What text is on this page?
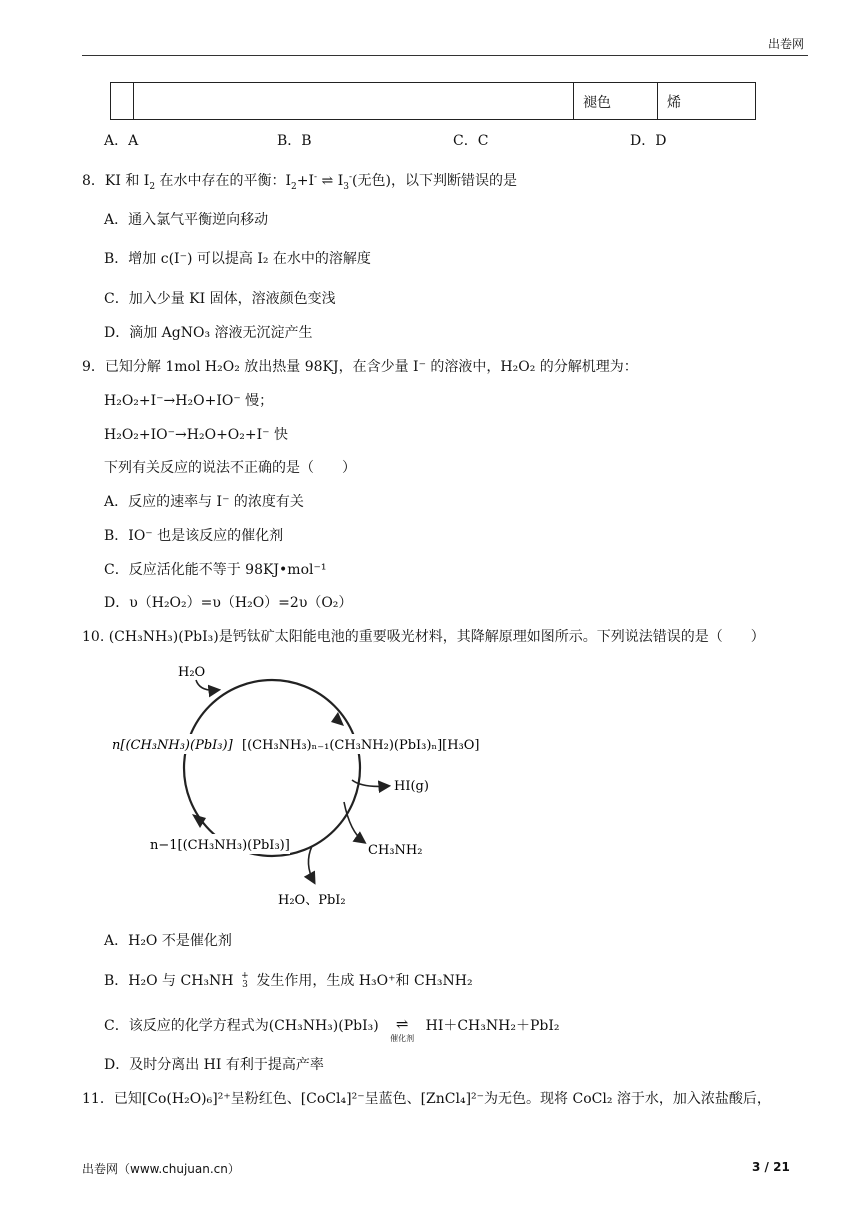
出卷网
褪色	烯
A．A	B．B	C．C	D．D
8．KI 和 $I_2$ 在水中存在的平衡：$I_2+I^-$ ⇌ $I_3^-$(无色)，以下判断错误的是
A．通入氯气平衡逆向移动
B．增加 c(I⁻) 可以提高 I₂ 在水中的溶解度
C．加入少量 KI 固体，溶液颜色变浅
D．滴加 AgNO₃ 溶液无沉淀产生
9．已知分解 1mol H₂O₂ 放出热量 98KJ，在含少量 I⁻ 的溶液中，H₂O₂ 的分解机理为：
H₂O₂+I⁻→H₂O+IO⁻ 慢；
H₂O₂+IO⁻→H₂O+O₂+I⁻ 快
下列有关反应的说法不正确的是（　　）
A．反应的速率与 I⁻ 的浓度有关
B．IO⁻ 也是该反应的催化剂
C．反应活化能不等于 98KJ•mol⁻¹
D．υ（H₂O₂）=υ（H₂O）=2υ（O₂）
10. (CH₃NH₃)(PbI₃)是钙钛矿太阳能电池的重要吸光材料，其降解原理如图所示。下列说法错误的是（　　）
H₂O
HI(g)
CH₃NH₂
H₂O、PbI₂
n[(CH₃NH₃)(PbI₃)] [(CH₃NH₃)ₙ₋₁(CH₃NH₂)(PbI₃)ₙ][H₃O]
n−1[(CH₃NH₃)(PbI₃)]
A．H₂O 不是催化剂
B．H₂O 与 CH₃NH +
3 发生作用，生成 H₃O⁺和 CH₃NH₂
C．该反应的化学方程式为(CH₃NH₃)(PbI₃) ⇌
催化剂
HI＋CH₃NH₂＋PbI₂
D．及时分离出 HI 有利于提高产率
11．已知[Co(H₂O)₆]²⁺呈粉红色、[CoCl₄]²⁻呈蓝色、[ZnCl₄]²⁻为无色。现将 CoCl₂ 溶于水，加入浓盐酸后，
出卷网（www.chujuan.cn）	3 / 21
